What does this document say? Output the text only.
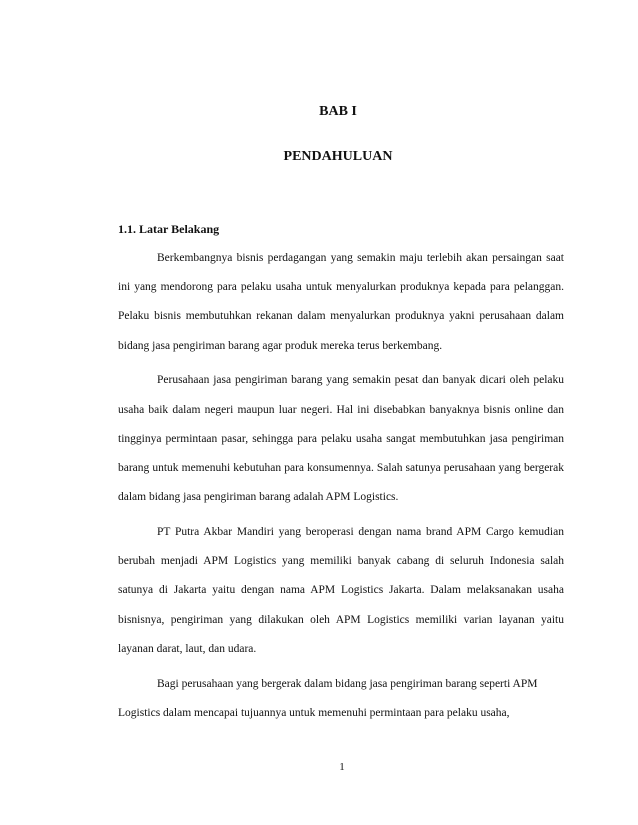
BAB I
PENDAHULUAN
1.1. Latar Belakang

Berkembangnya bisnis perdagangan yang semakin maju terlebih akan persaingan saat ini yang mendorong para pelaku usaha untuk menyalurkan produknya kepada para pelanggan. Pelaku bisnis membutuhkan rekanan dalam menyalurkan produknya yakni perusahaan dalam bidang jasa pengiriman barang agar produk mereka terus berkembang.

Perusahaan jasa pengiriman barang yang semakin pesat dan banyak dicari oleh pelaku usaha baik dalam negeri maupun luar negeri. Hal ini disebabkan banyaknya bisnis online dan tingginya permintaan pasar, sehingga para pelaku usaha sangat membutuhkan jasa pengiriman barang untuk memenuhi kebutuhan para konsumennya. Salah satunya perusahaan yang bergerak dalam bidang jasa pengiriman barang adalah APM Logistics.

PT Putra Akbar Mandiri yang beroperasi dengan nama brand APM Cargo kemudian berubah menjadi APM Logistics yang memiliki banyak cabang di seluruh Indonesia salah satunya di Jakarta yaitu dengan nama APM Logistics Jakarta. Dalam melaksanakan usaha bisnisnya, pengiriman yang dilakukan oleh APM Logistics memiliki varian layanan yaitu layanan darat, laut, dan udara.

Bagi perusahaan yang bergerak dalam bidang jasa pengiriman barang seperti APM Logistics dalam mencapai tujuannya untuk memenuhi permintaan para pelaku usaha,

1
